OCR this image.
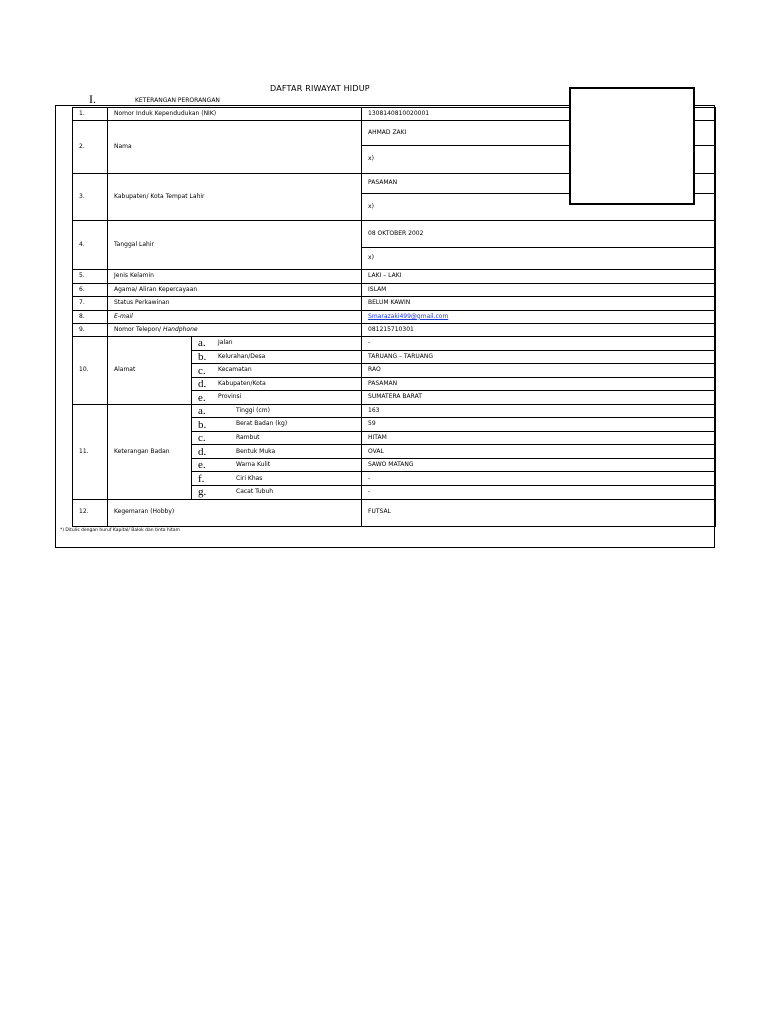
DAFTAR RIWAYAT HIDUP
I.	KETERANGAN PERORANGAN
1.	Nomor Induk Kependudukan (NIK)		1308140810020001
2.	Nama		AHMAD ZAKI
			x)
3.	Kabupaten/ Kota Tempat Lahir		PASAMAN
			x)
4.	Tanggal Lahir		08 OKTOBER 2002
			x)
5.	Jenis Kelamin		LAKI – LAKI
6.	Agama/ Aliran Kepercayaan		ISLAM
7.	Status Perkawinan		BELUM KAWIN
8.	E-mail		Smarazaki499@gmail.com
9.	Nomor Telepon/ Handphone		081215710301
10.	Alamat	a. Jalan	-
		b. Kelurahan/Desa	TARUANG – TARUANG
		c. Kecamatan	RAO
		d. Kabupaten/Kota	PASAMAN
		e. Provinsi	SUMATERA BARAT
11.	Keterangan Badan	a. Tinggi (cm)	163
		b. Berat Badan (kg)	59
		c. Rambut	HITAM
		d. Bentuk Muka	OVAL
		e. Warna Kulit	SAWO MATANG
		f. Ciri Khas	-
		g. Cacat Tubuh	-
12.	Kegemaran (Hobby)		FUTSAL
*) Ditulis dengan huruf Kapital/ Balok dan tinta hitam
